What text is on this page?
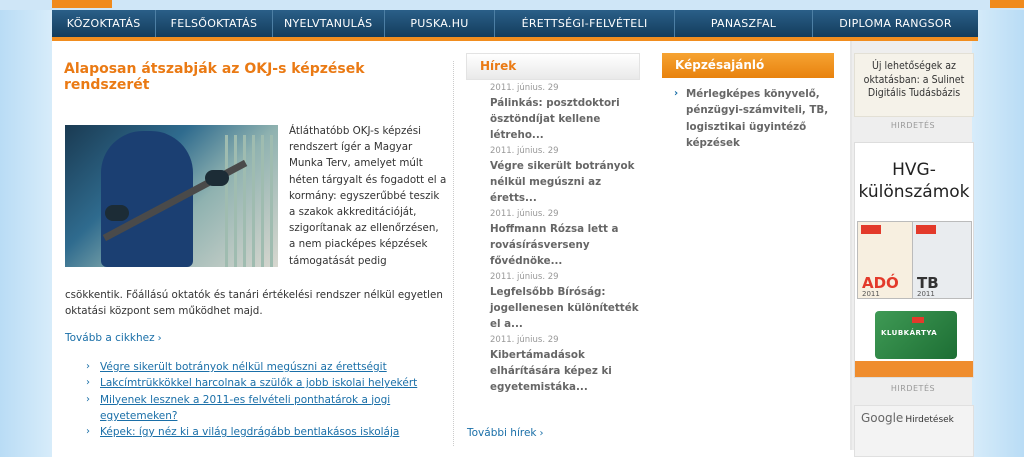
KÖZOKTATÁS	FELSŐOKTATÁS	NYELVTANULÁS	PUSKA.HU	ÉRETTSÉGI-FELVÉTELI	PANASZFAL	DIPLOMA RANGSOR
Alaposan átszabják az OKJ-s képzések rendszerét
Átláthatóbb OKJ-s képzési rendszert ígér a Magyar Munka Terv, amelyet múlt héten tárgyalt és fogadott el a kormány: egyszerűbbé teszik a szakok akkreditációját, szigorítanak az ellenőrzésen, a nem piacképes képzések támogatását pedig
csökkentik. Főállású oktatók és tanári értékelési rendszer nélkül egyetlen oktatási központ sem működhet majd.
Tovább a cikkhez ›
› Végre sikerült botrányok nélkül megúszni az érettségit
› Lakcímtrükkökkel harcolnak a szülők a jobb iskolai helyekért
› Milyenek lesznek a 2011-es felvételi ponthatárok a jogi egyetemeken?
› Képek: így néz ki a világ legdrágább bentlakásos iskolája
Hírek
2011. június. 29
Pálinkás: posztdoktori ösztöndíjat kellene létreho...
2011. június. 29
Végre sikerült botrányok nélkül megúszni az éretts...
2011. június. 29
Hoffmann Rózsa lett a rovásírásverseny fővédnöke...
2011. június. 29
Legfelsőbb Bíróság: jogellenesen különítették el a...
2011. június. 29
Kibertámadások elhárítására képez ki egyetemistáka...
További hírek ›
Képzésajánló
› Mérlegképes könyvelő, pénzügyi-számviteli, TB, logisztikai ügyintéző képzések
Új lehetőségek az oktatásban: a Sulinet Digitális Tudásbázis
HIRDETÉS
HVG-különszámok
ADÓ
2011
TB
2011
KLUBKÁRTYA
HIRDETÉS
Google Hirdetések
